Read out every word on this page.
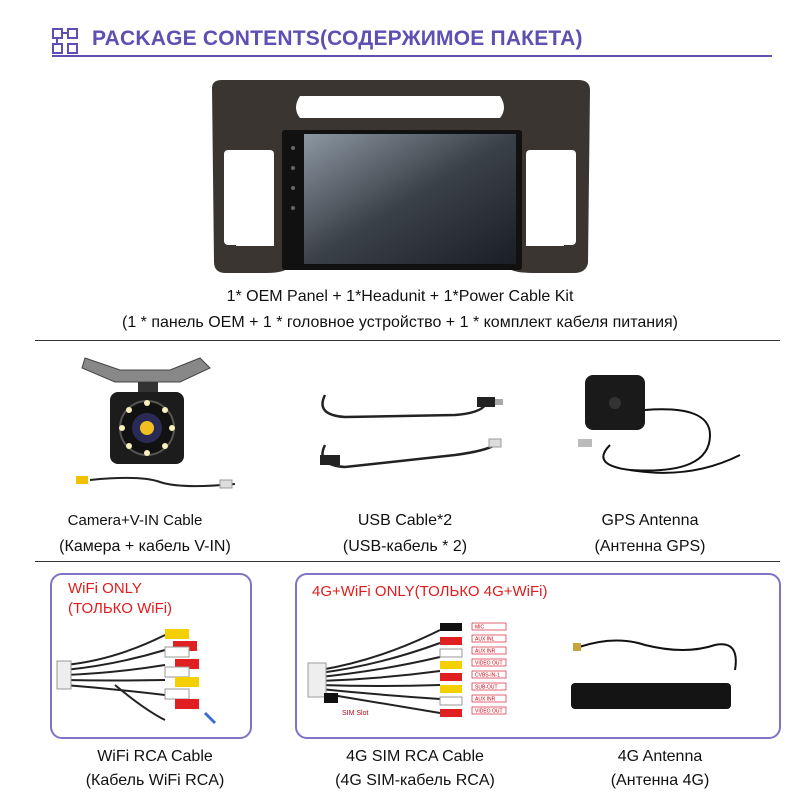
PACKAGE CONTENTS(СОДЕРЖИМОЕ ПАКЕТА)
1* OEM Panel + 1*Headunit + 1*Power Cable Kit
(1 * панель OEM + 1 * головное устройство + 1 * комплект кабеля питания)
Camera+V-IN Cable
(Камера + кабель V-IN)
USB Cable*2
(USB-кабель * 2)
GPS Antenna
(Антенна GPS)
WiFi ONLY
(ТОЛЬКО WiFi)
4G+WiFi ONLY(ТОЛЬКО 4G+WiFi)
SIM Slot
MIC
AUX INL
AUX INR
VIDEO OUT
CVBS-IN-1
SUB-OUT
AUX INR
VIDEO OUT
WiFi RCA Cable
(Кабель WiFi RCA)
4G SIM RCA Cable
(4G SIM-кабель RCA)
4G Antenna
(Антенна 4G)
